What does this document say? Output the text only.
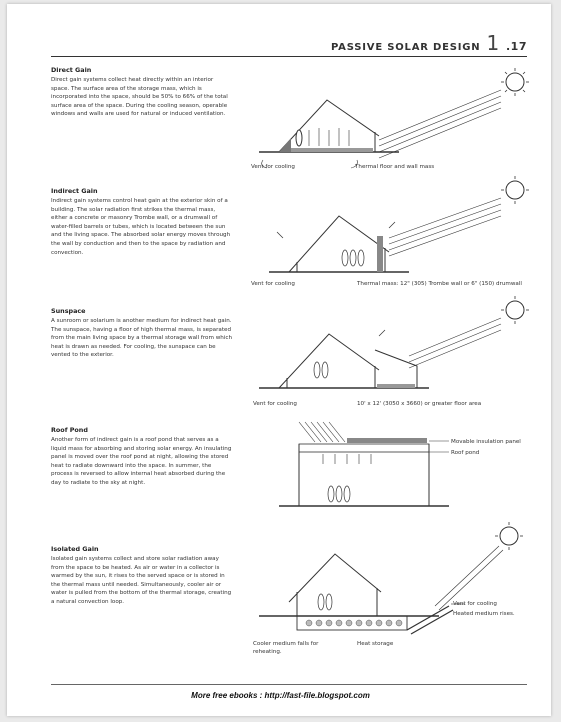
PASSIVE SOLAR DESIGN 1 .17
Direct Gain

Direct gain systems collect heat directly within an interior space. The surface area of the storage mass, which is incorporated into the space, should be 50% to 66% of the total surface area of the space. During the cooling season, operable windows and walls are used for natural or induced ventilation.

Vent for cooling	Thermal floor and wall mass
Indirect Gain

Indirect gain systems control heat gain at the exterior skin of a building. The solar radiation first strikes the thermal mass, either a concrete or masonry Trombe wall, or a drumwall of water-filled barrels or tubes, which is located between the sun and the living space. The absorbed solar energy moves through the wall by conduction and then to the space by radiation and convection.

Vent for cooling	Thermal mass: 12" (305) Trombe wall or 6" (150) drumwall
Sunspace

A sunroom or solarium is another medium for indirect heat gain. The sunspace, having a floor of high thermal mass, is separated from the main living space by a thermal storage wall from which heat is drawn as needed. For cooling, the sunspace can be vented to the exterior.

Vent for cooling	10' x 12' (3050 x 3660) or greater floor area
Roof Pond

Another form of indirect gain is a roof pond that serves as a liquid mass for absorbing and storing solar energy. An insulating panel is moved over the roof pond at night, allowing the stored heat to radiate downward into the space. In summer, the process is reversed to allow internal heat absorbed during the day to radiate to the sky at night.

Movable insulation panel
Roof pond
Isolated Gain

Isolated gain systems collect and store solar radiation away from the space to be heated. As air or water in a collector is warmed by the sun, it rises to the served space or is stored in the thermal mass until needed. Simultaneously, cooler air or water is pulled from the bottom of the thermal storage, creating a natural convection loop.	Vent for cooling
Heated medium rises.
Cooler medium falls for reheating.
Heat storage
More free ebooks : http://fast-file.blogspot.com
